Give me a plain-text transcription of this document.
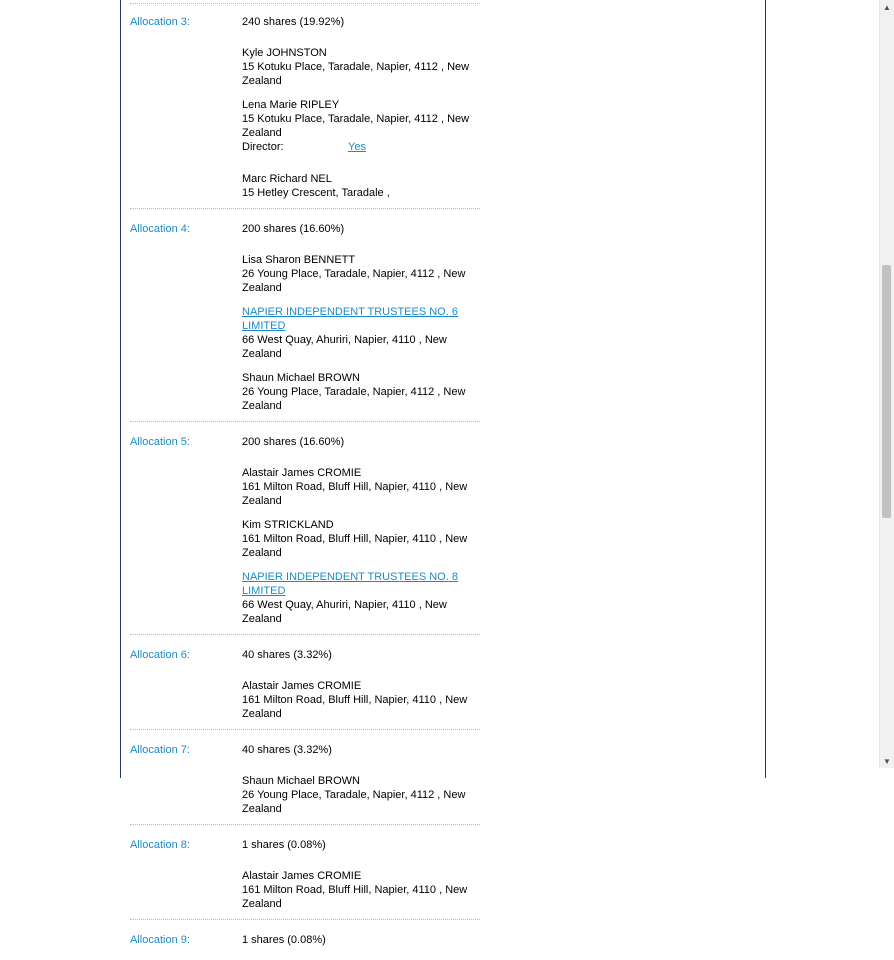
Allocation 3:	240 shares (19.92%)
Kyle JOHNSTON
15 Kotuku Place, Taradale, Napier, 4112 , New Zealand
Lena Marie RIPLEY
15 Kotuku Place, Taradale, Napier, 4112 , New Zealand
Director:	Yes
Marc Richard NEL
15 Hetley Crescent, Taradale ,
Allocation 4:	200 shares (16.60%)
Lisa Sharon BENNETT
26 Young Place, Taradale, Napier, 4112 , New Zealand
NAPIER INDEPENDENT TRUSTEES NO. 6 LIMITED
66 West Quay, Ahuriri, Napier, 4110 , New Zealand
Shaun Michael BROWN
26 Young Place, Taradale, Napier, 4112 , New Zealand
Allocation 5:	200 shares (16.60%)
Alastair James CROMIE
161 Milton Road, Bluff Hill, Napier, 4110 , New Zealand
Kim STRICKLAND
161 Milton Road, Bluff Hill, Napier, 4110 , New Zealand
NAPIER INDEPENDENT TRUSTEES NO. 8 LIMITED
66 West Quay, Ahuriri, Napier, 4110 , New Zealand
Allocation 6:	40 shares (3.32%)
Alastair James CROMIE
161 Milton Road, Bluff Hill, Napier, 4110 , New Zealand
Allocation 7:	40 shares (3.32%)
Shaun Michael BROWN
26 Young Place, Taradale, Napier, 4112 , New Zealand
Allocation 8:	1 shares (0.08%)
Alastair James CROMIE
161 Milton Road, Bluff Hill, Napier, 4110 , New Zealand
Allocation 9:	1 shares (0.08%)
▲
▼
